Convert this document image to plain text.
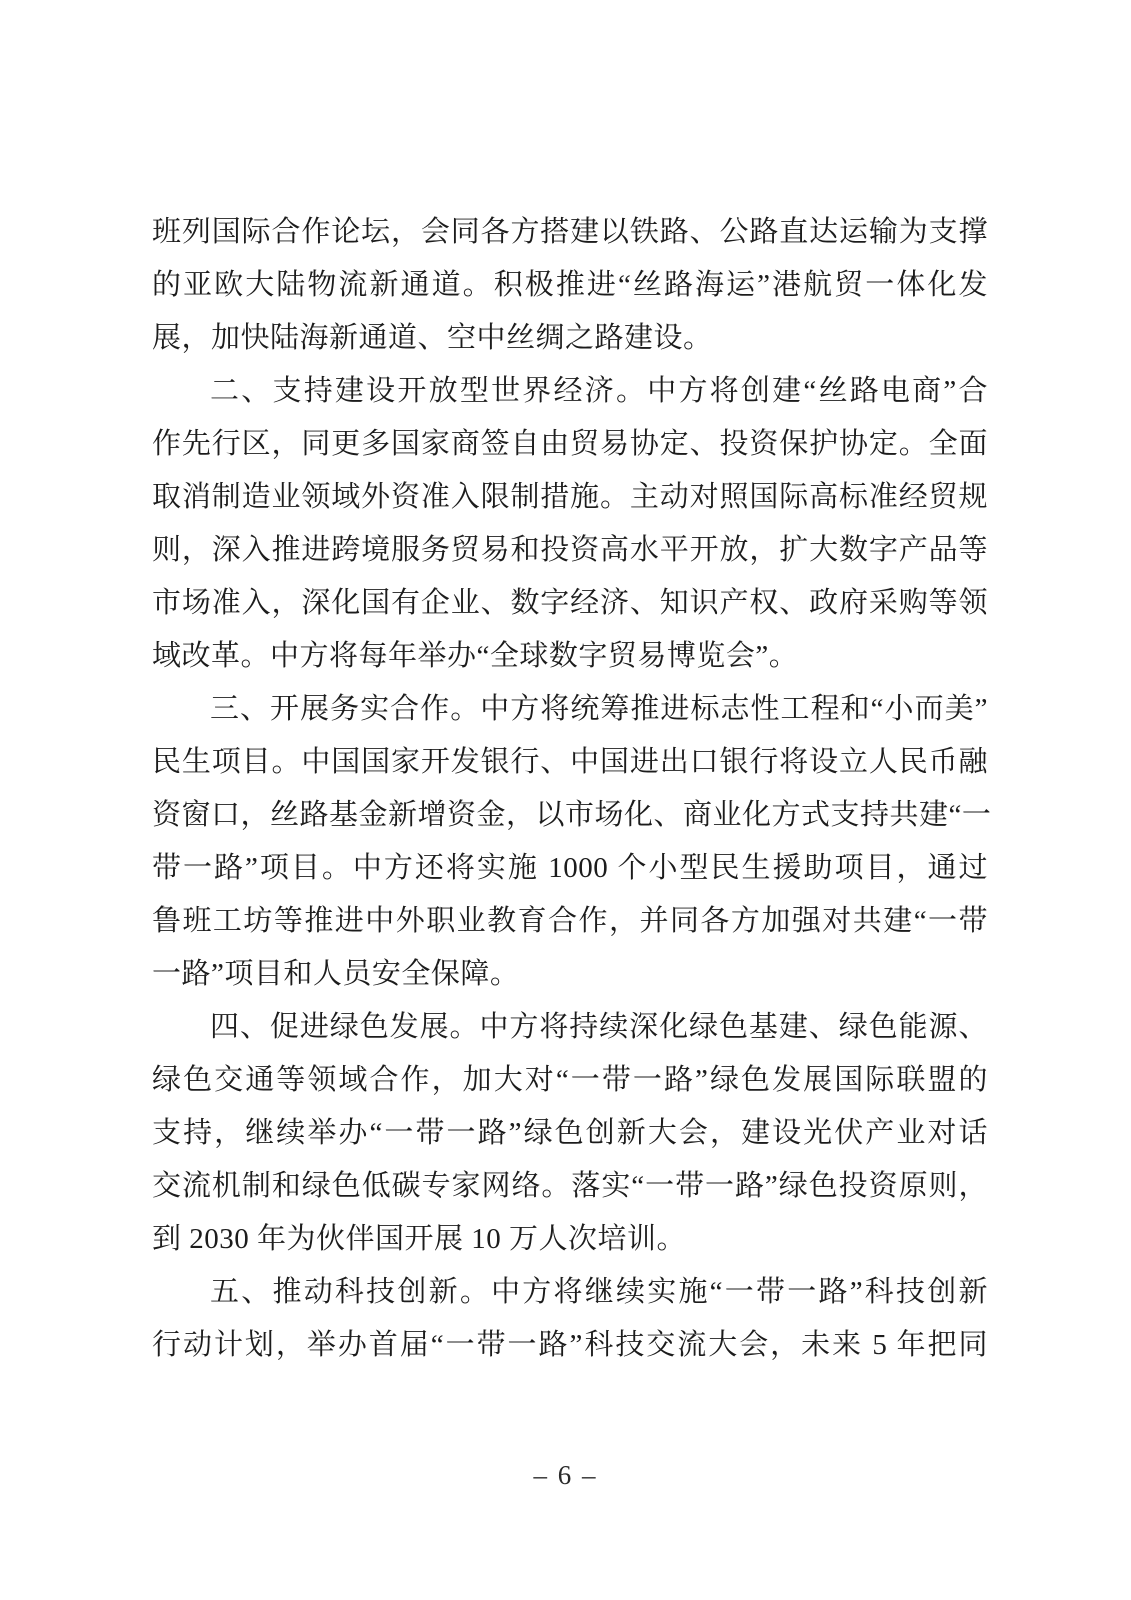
班列国际合作论坛，会同各方搭建以铁路、公路直达运输为支撑
的亚欧大陆物流新通道。积极推进“丝路海运”港航贸一体化发
展，加快陆海新通道、空中丝绸之路建设。
二、支持建设开放型世界经济。中方将创建“丝路电商”合
作先行区，同更多国家商签自由贸易协定、投资保护协定。全面
取消制造业领域外资准入限制措施。主动对照国际高标准经贸规
则，深入推进跨境服务贸易和投资高水平开放，扩大数字产品等
市场准入，深化国有企业、数字经济、知识产权、政府采购等领
域改革。中方将每年举办“全球数字贸易博览会”。
三、开展务实合作。中方将统筹推进标志性工程和“小而美”
民生项目。中国国家开发银行、中国进出口银行将设立人民币融
资窗口，丝路基金新增资金，以市场化、商业化方式支持共建“一
带一路”项目。中方还将实施 1000 个小型民生援助项目，通过
鲁班工坊等推进中外职业教育合作，并同各方加强对共建“一带
一路”项目和人员安全保障。
四、促进绿色发展。中方将持续深化绿色基建、绿色能源、
绿色交通等领域合作，加大对“一带一路”绿色发展国际联盟的
支持，继续举办“一带一路”绿色创新大会，建设光伏产业对话
交流机制和绿色低碳专家网络。落实“一带一路”绿色投资原则，
到 2030 年为伙伴国开展 10 万人次培训。
五、推动科技创新。中方将继续实施“一带一路”科技创新
行动计划，举办首届“一带一路”科技交流大会，未来 5 年把同
– 6 –
